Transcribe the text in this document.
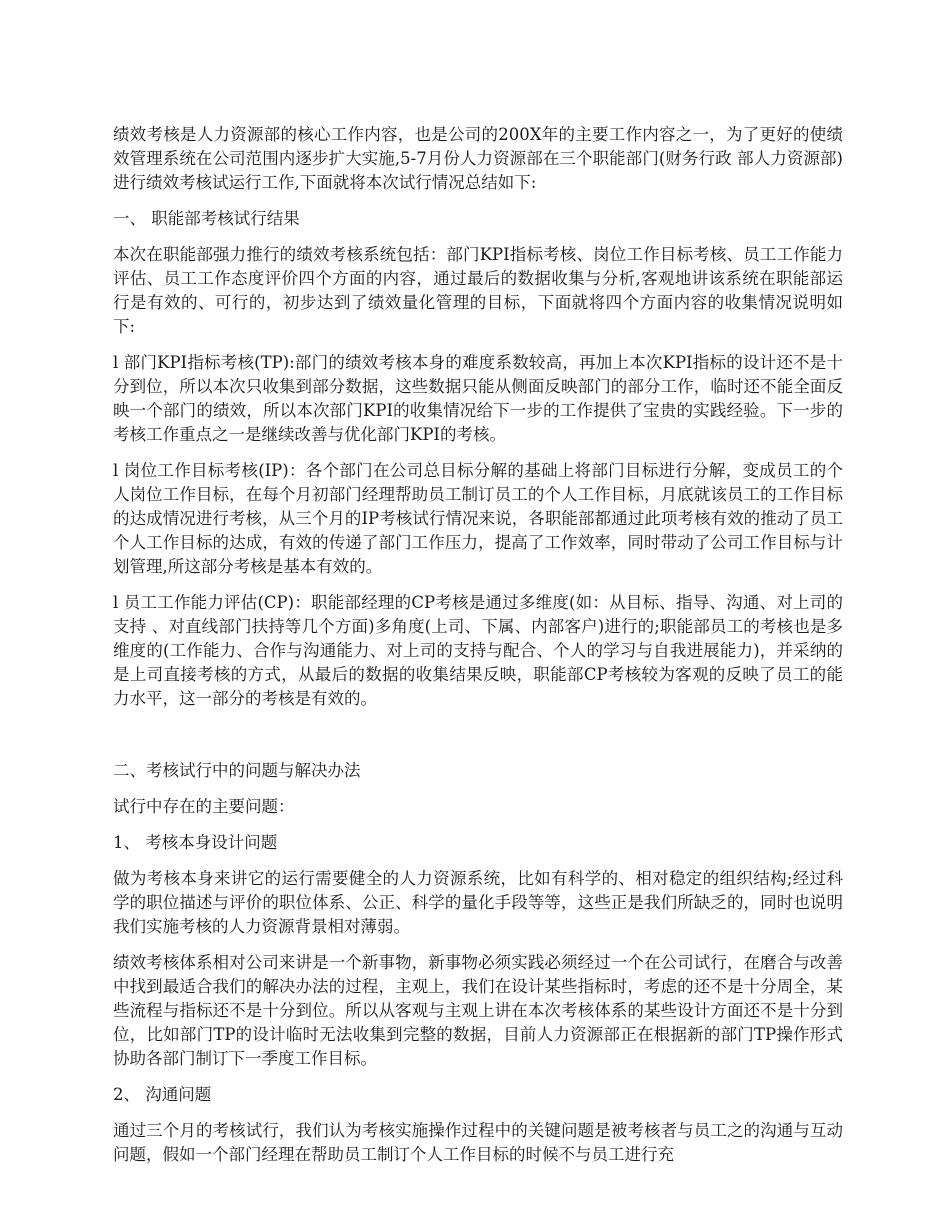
绩效考核是人力资源部的核心工作内容，也是公司的200X年的主要工作内容之一，为了更好的使绩效管理系统在公司范围内逐步扩大实施,5-7月份人力资源部在三个职能部门(财务行政 部人力资源部)进行绩效考核试运行工作,下面就将本次试行情况总结如下:

一、 职能部考核试行结果

本次在职能部强力推行的绩效考核系统包括：部门KPI指标考核、岗位工作目标考核、员工工作能力评估、员工工作态度评价四个方面的内容，通过最后的数据收集与分析,客观地讲该系统在职能部运行是有效的、可行的，初步达到了绩效量化管理的目标，下面就将四个方面内容的收集情况说明如下:

l 部门KPI指标考核(TP):部门的绩效考核本身的难度系数较高，再加上本次KPI指标的设计还不是十分到位，所以本次只收集到部分数据，这些数据只能从侧面反映部门的部分工作，临时还不能全面反映一个部门的绩效，所以本次部门KPI的收集情况给下一步的工作提供了宝贵的实践经验。下一步的考核工作重点之一是继续改善与优化部门KPI的考核。

l 岗位工作目标考核(IP)：各个部门在公司总目标分解的基础上将部门目标进行分解，变成员工的个人岗位工作目标，在每个月初部门经理帮助员工制订员工的个人工作目标，月底就该员工的工作目标的达成情况进行考核，从三个月的IP考核试行情况来说，各职能部都通过此项考核有效的推动了员工个人工作目标的达成，有效的传递了部门工作压力，提高了工作效率，同时带动了公司工作目标与计划管理,所这部分考核是基本有效的。

l 员工工作能力评估(CP)：职能部经理的CP考核是通过多维度(如：从目标、指导、沟通、对上司的支持 、对直线部门扶持等几个方面)多角度(上司、下属、内部客户)进行的;职能部员工的考核也是多维度的(工作能力、合作与沟通能力、对上司的支持与配合、个人的学习与自我进展能力)，并采纳的是上司直接考核的方式，从最后的数据的收集结果反映，职能部CP考核较为客观的反映了员工的能力水平，这一部分的考核是有效的。

二、考核试行中的问题与解决办法

试行中存在的主要问题：

1、 考核本身设计问题

做为考核本身来讲它的运行需要健全的人力资源系统，比如有科学的、相对稳定的组织结构;经过科学的职位描述与评价的职位体系、公正、科学的量化手段等等，这些正是我们所缺乏的，同时也说明我们实施考核的人力资源背景相对薄弱。

绩效考核体系相对公司来讲是一个新事物，新事物必须实践必须经过一个在公司试行，在磨合与改善中找到最适合我们的解决办法的过程，主观上，我们在设计某些指标时，考虑的还不是十分周全，某些流程与指标还不是十分到位。所以从客观与主观上讲在本次考核体系的某些设计方面还不是十分到位，比如部门TP的设计临时无法收集到完整的数据，目前人力资源部正在根据新的部门TP操作形式协助各部门制订下一季度工作目标。

2、 沟通问题

通过三个月的考核试行，我们认为考核实施操作过程中的关键问题是被考核者与员工之的沟通与互动问题，假如一个部门经理在帮助员工制订个人工作目标的时候不与员工进行充
